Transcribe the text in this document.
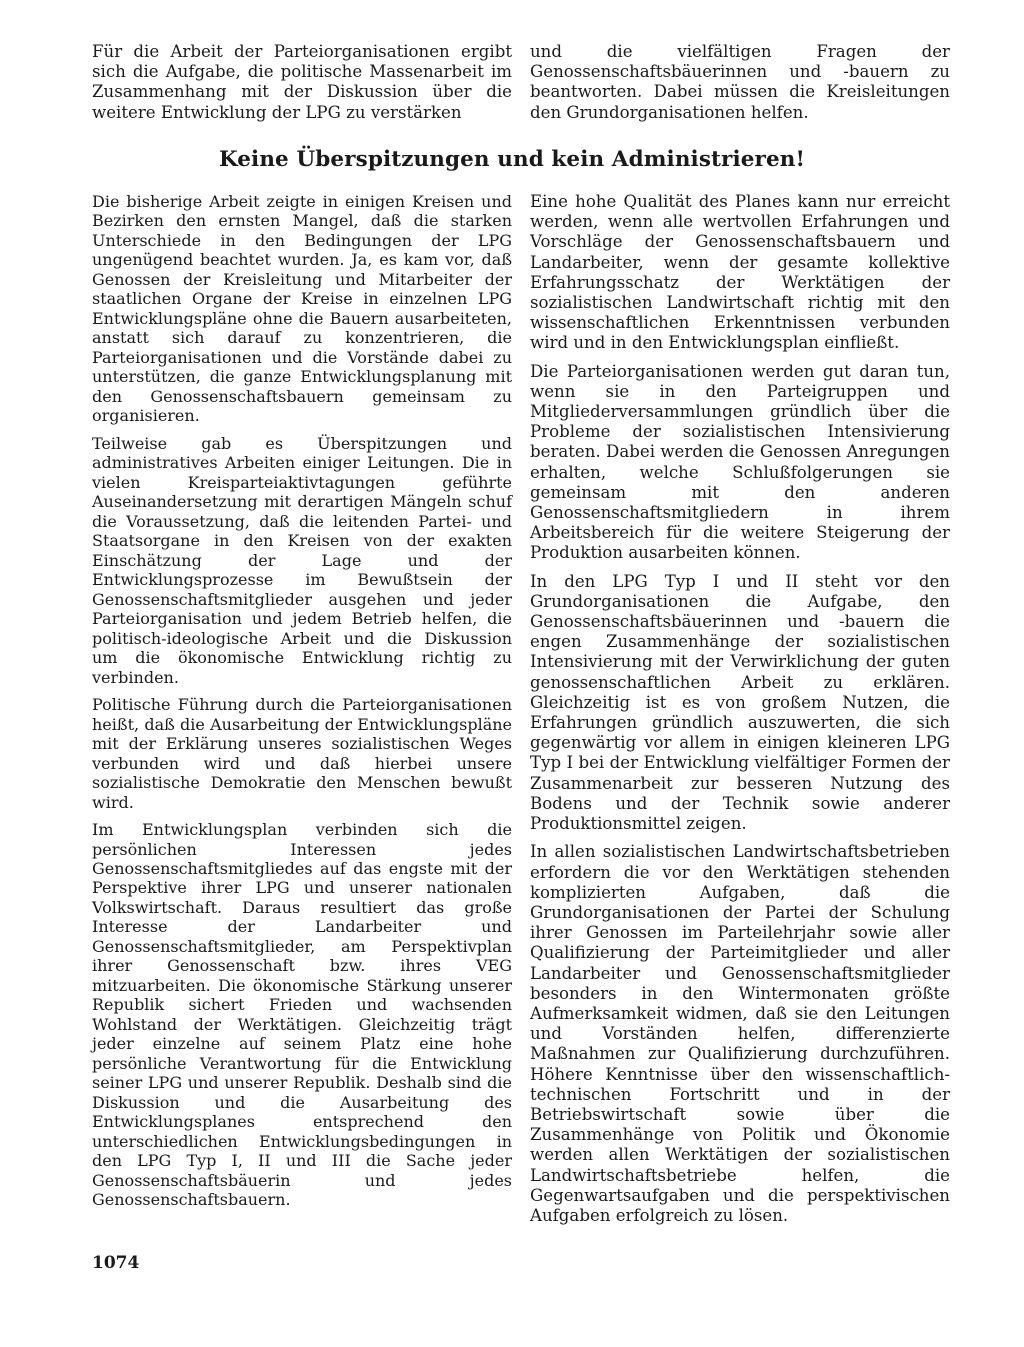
Für die Arbeit der Parteiorganisationen ergibt sich die Aufgabe, die politische Massenarbeit im Zusammenhang mit der Diskussion über die weitere Entwicklung der LPG zu verstärken

und die vielfältigen Fragen der Genossenschaftsbäuerinnen und -bauern zu beantworten. Dabei müssen die Kreisleitungen den Grundorganisationen helfen.

Keine Überspitzungen und kein Administrieren!

Die bisherige Arbeit zeigte in einigen Kreisen und Bezirken den ernsten Mangel, daß die starken Unterschiede in den Bedingungen der LPG ungenügend beachtet wurden. Ja, es kam vor, daß Genossen der Kreisleitung und Mitarbeiter der staatlichen Organe der Kreise in einzelnen LPG Entwicklungspläne ohne die Bauern ausarbeiteten, anstatt sich darauf zu konzentrieren, die Parteiorganisationen und die Vorstände dabei zu unterstützen, die ganze Entwicklungsplanung mit den Genossenschaftsbauern gemeinsam zu organisieren.

Teilweise gab es Überspitzungen und administratives Arbeiten einiger Leitungen. Die in vielen Kreisparteiaktivtagungen geführte Auseinandersetzung mit derartigen Mängeln schuf die Voraussetzung, daß die leitenden Partei- und Staatsorgane in den Kreisen von der exakten Einschätzung der Lage und der Entwicklungsprozesse im Bewußtsein der Genossenschaftsmitglieder ausgehen und jeder Parteiorganisation und jedem Betrieb helfen, die politisch-ideologische Arbeit und die Diskussion um die ökonomische Entwicklung richtig zu verbinden.

Politische Führung durch die Parteiorganisationen heißt, daß die Ausarbeitung der Entwicklungspläne mit der Erklärung unseres sozialistischen Weges verbunden wird und daß hierbei unsere sozialistische Demokratie den Menschen bewußt wird.

Im Entwicklungsplan verbinden sich die persönlichen Interessen jedes Genossenschaftsmitgliedes auf das engste mit der Perspektive ihrer LPG und unserer nationalen Volkswirtschaft. Daraus resultiert das große Interesse der Landarbeiter und Genossenschaftsmitglieder, am Perspektivplan ihrer Genossenschaft bzw. ihres VEG mitzuarbeiten. Die ökonomische Stärkung unserer Republik sichert Frieden und wachsenden Wohlstand der Werktätigen. Gleichzeitig trägt jeder einzelne auf seinem Platz eine hohe persönliche Verantwortung für die Entwicklung seiner LPG und unserer Republik. Deshalb sind die Diskussion und die Ausarbeitung des Entwicklungsplanes entsprechend den unterschiedlichen Entwicklungsbedingungen in den LPG Typ I, II und III die Sache jeder Genossenschaftsbäuerin und jedes Genossenschaftsbauern.

Eine hohe Qualität des Planes kann nur erreicht werden, wenn alle wertvollen Erfahrungen und Vorschläge der Genossenschaftsbauern und Landarbeiter, wenn der gesamte kollektive Erfahrungsschatz der Werktätigen der sozialistischen Landwirtschaft richtig mit den wissenschaftlichen Erkenntnissen verbunden wird und in den Entwicklungsplan einfließt.

Die Parteiorganisationen werden gut daran tun, wenn sie in den Parteigruppen und Mitgliederversammlungen gründlich über die Probleme der sozialistischen Intensivierung beraten. Dabei werden die Genossen Anregungen erhalten, welche Schlußfolgerungen sie gemeinsam mit den anderen Genossenschaftsmitgliedern in ihrem Arbeitsbereich für die weitere Steigerung der Produktion ausarbeiten können.

In den LPG Typ I und II steht vor den Grundorganisationen die Aufgabe, den Genossenschaftsbäuerinnen und -bauern die engen Zusammenhänge der sozialistischen Intensivierung mit der Verwirklichung der guten genossenschaftlichen Arbeit zu erklären. Gleichzeitig ist es von großem Nutzen, die Erfahrungen gründlich auszuwerten, die sich gegenwärtig vor allem in einigen kleineren LPG Typ I bei der Entwicklung vielfältiger Formen der Zusammenarbeit zur besseren Nutzung des Bodens und der Technik sowie anderer Produktionsmittel zeigen.

In allen sozialistischen Landwirtschaftsbetrieben erfordern die vor den Werktätigen stehenden komplizierten Aufgaben, daß die Grundorganisationen der Partei der Schulung ihrer Genossen im Parteilehrjahr sowie aller Qualifizierung der Parteimitglieder und aller Landarbeiter und Genossenschaftsmitglieder besonders in den Wintermonaten größte Aufmerksamkeit widmen, daß sie den Leitungen und Vorständen helfen, differenzierte Maßnahmen zur Qualifizierung durchzuführen. Höhere Kenntnisse über den wissenschaftlich-technischen Fortschritt und in der Betriebswirtschaft sowie über die Zusammenhänge von Politik und Ökonomie werden allen Werktätigen der sozialistischen Landwirtschaftsbetriebe helfen, die Gegenwartsaufgaben und die perspektivischen Aufgaben erfolgreich zu lösen.

1074
